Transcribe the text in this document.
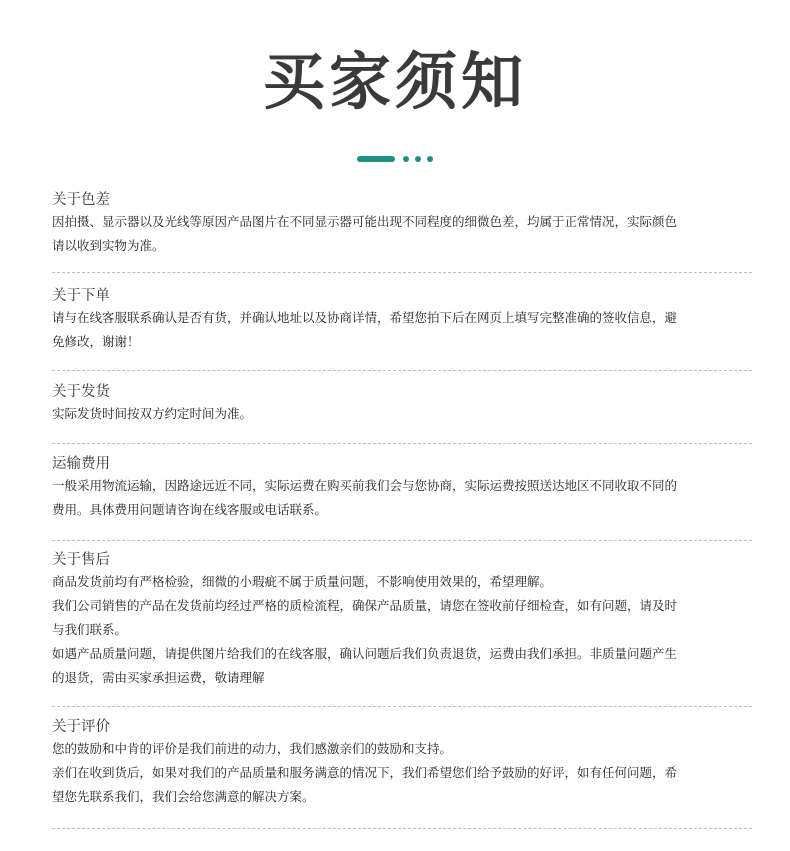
买家须知

关于色差

因拍摄、显示器以及光线等原因产品图片在不同显示器可能出现不同程度的细微色差，均属于正常情况，实际颜色

请以收到实物为准。

关于下单

请与在线客服联系确认是否有货，并确认地址以及协商详情，希望您拍下后在网页上填写完整准确的签收信息，避

免修改，谢谢！

关于发货

实际发货时间按双方约定时间为准。

运输费用

一般采用物流运输，因路途远近不同，实际运费在购买前我们会与您协商，实际运费按照送达地区不同收取不同的

费用。具体费用问题请咨询在线客服或电话联系。

关于售后

商品发货前均有严格检验，细微的小瑕疵不属于质量问题，不影响使用效果的，希望理解。

我们公司销售的产品在发货前均经过严格的质检流程，确保产品质量，请您在签收前仔细检查，如有问题，请及时

与我们联系。

如遇产品质量问题，请提供图片给我们的在线客服，确认问题后我们负责退货，运费由我们承担。非质量问题产生

的退货，需由买家承担运费，敬请理解

关于评价

您的鼓励和中肯的评价是我们前进的动力，我们感激亲们的鼓励和支持。

亲们在收到货后，如果对我们的产品质量和服务满意的情况下，我们希望您们给予鼓励的好评，如有任何问题，希

望您先联系我们，我们会给您满意的解决方案。
